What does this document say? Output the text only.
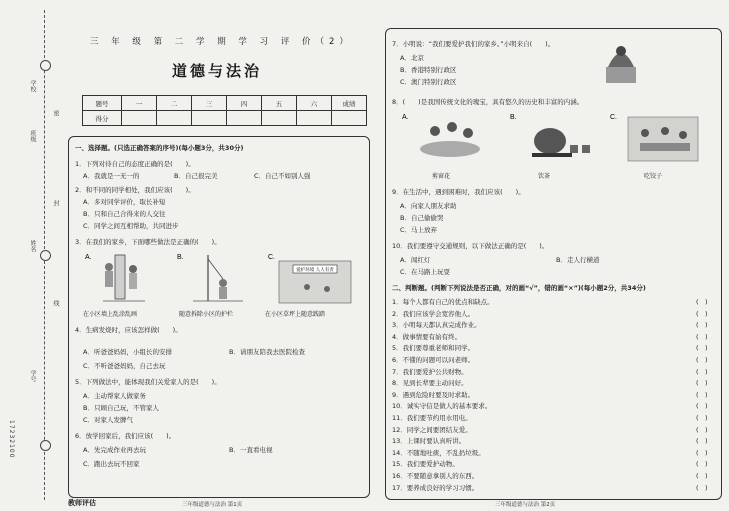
学校
班级
姓名
学号
密
封
线
17232100
三 年 级 第 二 学 期 学 习 评 价（2）
道德与法治
题号	一	二	三	四	五	六	成绩
得分							
一、选择题。(只选正确答案的序号)(每小题3分，共30分)
1．下列对待自己的态度正确的是(　　)。
A．我就是一无一的	B．自己很完美	C．自己不如别人强
2．和不同的同学相处，我们应该(　　)。
A．多对同学评价，取长补短
B．只和自己合得来的人交往
C．同学之间互相帮助，共同进步
3．在我们的家乡，下面哪些做法是正确的(　　)。
A.	B.	C.
爱护环境 人人有责
在小区墙上乱涂乱画	随意拆除小区的护栏	在小区草坪上随意践踏
4．生病发烧时，应该怎样做(　　)。
A．听爸爸妈妈，小组长的安排	B．请朋友陪我去医院检查
C．不听爸爸妈妈，自己去玩
5．下列做法中，能体现我们关爱家人的是(　　)。
A．主动帮家人做家务
B．只顾自己玩，不管家人
C．对家人发脾气
6．放学回家后，我们应该(　　)。
A．先完成作业再去玩	B．一直看电视
C．跑出去玩不回家
教师评估	三年级道德与法治 第1页
7．小明说：“我们要爱护我们的家乡。”小明来自(　　)。
A．北京
B．香港特别行政区
C．澳门特别行政区
8．(　　)是我国传统文化的瑰宝，具有悠久的历史和丰富的内涵。
A.	B.	C.
剪窗花	饮茶	吃饺子
9．在生活中，遇到困难时，我们应该(　　)。
A．向家人朋友求助
B．自己偷偷哭
C．马上放弃
10．我们要遵守交通规则，以下做法正确的是(　　)。
A．闯红灯	B．走人行横道
C．在马路上玩耍
二、判断题。(判断下列说法是否正确，对的画“√”，错的画“×”)(每小题2分，共34分)
1．每个人都有自己的优点和缺点。	(　)
2．我们应该学会宽容他人。	(　)
3．小明每天都认真完成作业。	(　)
4．做事情要有始有终。	(　)
5．我们要尊重老师和同学。	(　)
6．不懂的问题可以问老师。	(　)
7．我们要爱护公共财物。	(　)
8．见到长辈要主动问好。	(　)
9．遇到危险时要及时求助。	(　)
10．诚实守信是做人的基本要求。	(　)
11．我们要节约用水用电。	(　)
12．同学之间要团结友爱。	(　)
13．上课时要认真听讲。	(　)
14．不随地吐痰，不乱扔垃圾。	(　)
15．我们要爱护动物。	(　)
16．不要随意拿别人的东西。	(　)
17．要养成良好的学习习惯。	(　)
三年级道德与法治 第2页
